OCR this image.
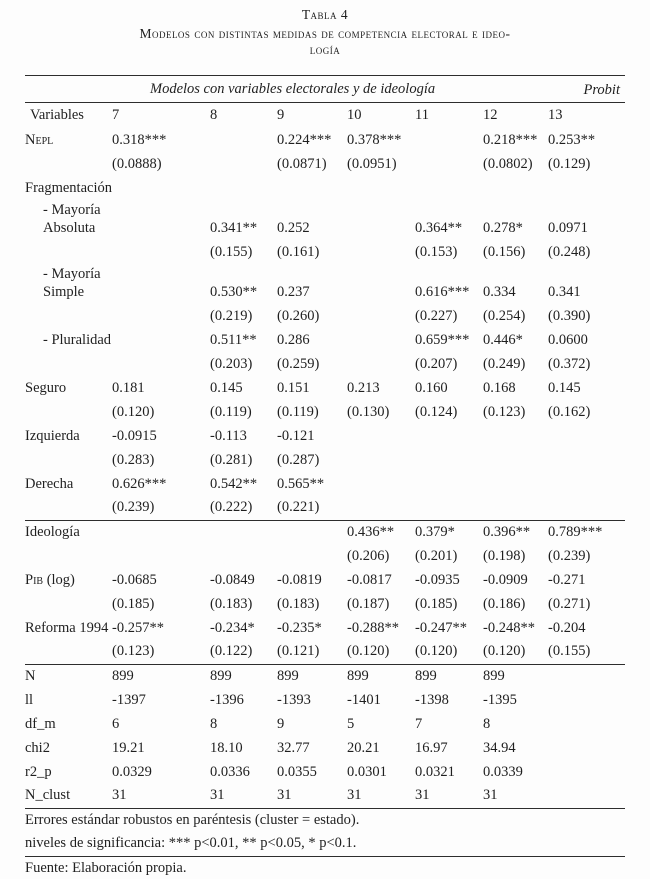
Tabla 4
Modelos con distintas medidas de competencia electoral e ideo-
logía
	Modelos con variables electorales y de ideología Probit						

Variables	7	8	9	10	11	12	13
Nepl	0.318***		0.224***	0.378***		0.218***	0.253**
	(0.0888)		(0.0871)	(0.0951)		(0.0802)	(0.129)
Fragmentación							
- Mayoría
Absoluta		0.341**	0.252		0.364**	0.278*	0.0971
		(0.155)	(0.161)		(0.153)	(0.156)	(0.248)
- Mayoría
Simple		0.530**	0.237		0.616***	0.334	0.341
		(0.219)	(0.260)		(0.227)	(0.254)	(0.390)
- Pluralidad		0.511**	0.286		0.659***	0.446*	0.0600
		(0.203)	(0.259)		(0.207)	(0.249)	(0.372)
Seguro	0.181	0.145	0.151	0.213	0.160	0.168	0.145
	(0.120)	(0.119)	(0.119)	(0.130)	(0.124)	(0.123)	(0.162)
Izquierda	-0.0915	-0.113	-0.121				
	(0.283)	(0.281)	(0.287)				
Derecha	0.626***	0.542**	0.565**				
	(0.239)	(0.222)	(0.221)				
Ideología				0.436**	0.379*	0.396**	0.789***
				(0.206)	(0.201)	(0.198)	(0.239)
Pib (log)	-0.0685	-0.0849	-0.0819	-0.0817	-0.0935	-0.0909	-0.271
	(0.185)	(0.183)	(0.183)	(0.187)	(0.185)	(0.186)	(0.271)
Reforma 1994	-0.257**	-0.234*	-0.235*	-0.288**	-0.247**	-0.248**	-0.204
	(0.123)	(0.122)	(0.121)	(0.120)	(0.120)	(0.120)	(0.155)
N	899	899	899	899	899	899	
ll	-1397	-1396	-1393	-1401	-1398	-1395	
df_m	6	8	9	5	7	8	
chi2	19.21	18.10	32.77	20.21	16.97	34.94	
r2_p	0.0329	0.0336	0.0355	0.0301	0.0321	0.0339	
N_clust	31	31	31	31	31	31	
Errores estándar robustos en paréntesis (cluster = estado).							
niveles de significancia: *** p<0.01, ** p<0.05, * p<0.1.							
Fuente: Elaboración propia.							
